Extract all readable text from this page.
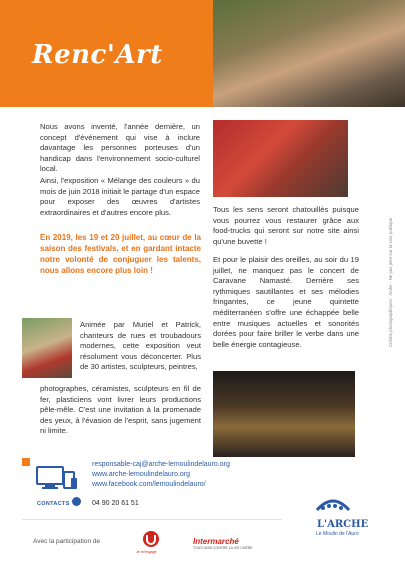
Renc'Art
Nous avons inventé, l'année dernière, un concept d'événement qui vise à inclure davantage les personnes porteuses d'un handicap dans l'environnement socio-culturel local.
Ainsi, l'exposition « Mélange des couleurs » du mois de juin 2018 initiait le partage d'un espace pour exposer des œuvres d'artistes extraordinaires et d'autres encore plus.
En 2019, les 19 et 20 juillet, au cœur de la saison des festivals, et en gardant intacte notre volonté de conjuguer les talents, nous allons encore plus loin !
Animée par Muriel et Patrick, chanteurs de rues et troubadours modernes, cette exposition veut résolument vous déconcerter. Plus de 30 artistes, sculpteurs, peintres,
photographes, céramistes, sculpteurs en fil de fer, plasticiens vont livrer leurs productions pêle-mêle. C'est une invitation à la promenade des yeux, à l'évasion de l'esprit, sans jugement ni limite.
Tous les sens seront chatouillés puisque vous pourrez vous restaurer grâce aux food-trucks qui seront sur notre site ainsi qu'une buvette !
Et pour le plaisir des oreilles, au soir du 19 juillet, ne manquez pas le concert de Caravane Namasté. Derrière ses rythmiques sautillantes et ses mélodies fringantes, ce jeune quintette méditerranéen s'offre une échappée belle entre musiques actuelles et sonorités dorées pour faire briller le verbe dans une belle énergie contagieuse.	Crédits photographiques : Arche - Ne pas jeter sur la voie publique
CONTACTS
responsable-caj@arche-lemoulindelauro.org
www.arche-lemoulindelauro.org
www.facebook.com/lemoulindelauro/
04 90 20 61 51
L'ARCHE
Le Moulin de l'Auro
Avec la participation de
Je m'engage
Intermarché
TOUS UNIS CONTRE LA VIE CHÈRE
